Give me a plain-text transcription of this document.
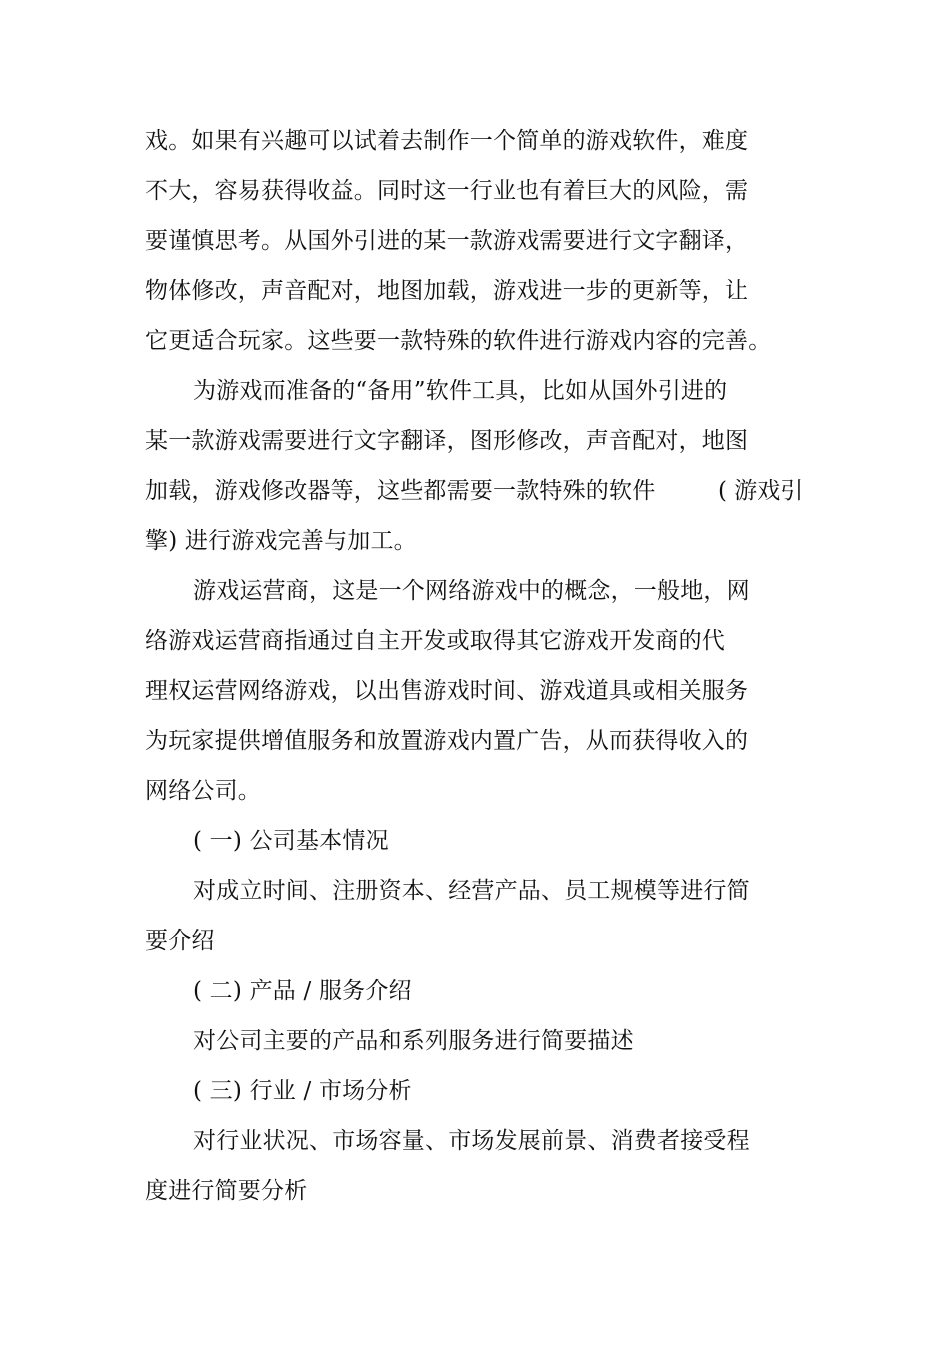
戏。如果有兴趣可以试着去制作一个简单的游戏软件，难度
不大，容易获得收益。同时这一行业也有着巨大的风险，需
要谨慎思考。从国外引进的某一款游戏需要进行文字翻译，
物体修改，声音配对，地图加载，游戏进一步的更新等，让
它更适合玩家。这些要一款特殊的软件进行游戏内容的完善。
为游戏而准备的“备用”软件工具，比如从国外引进的
某一款游戏需要进行文字翻译，图形修改，声音配对，地图
加载，游戏修改器等，这些都需要一款特殊的软件	( 游戏引
擎) 进行游戏完善与加工。
游戏运营商，这是一个网络游戏中的概念，一般地，网
络游戏运营商指通过自主开发或取得其它游戏开发商的代
理权运营网络游戏，以出售游戏时间、游戏道具或相关服务
为玩家提供增值服务和放置游戏内置广告，从而获得收入的
网络公司。
( 一) 公司基本情况
对成立时间、注册资本、经营产品、员工规模等进行简
要介绍
( 二) 产品 / 服务介绍
对公司主要的产品和系列服务进行简要描述
( 三) 行业 / 市场分析
对行业状况、市场容量、市场发展前景、消费者接受程
度进行简要分析
